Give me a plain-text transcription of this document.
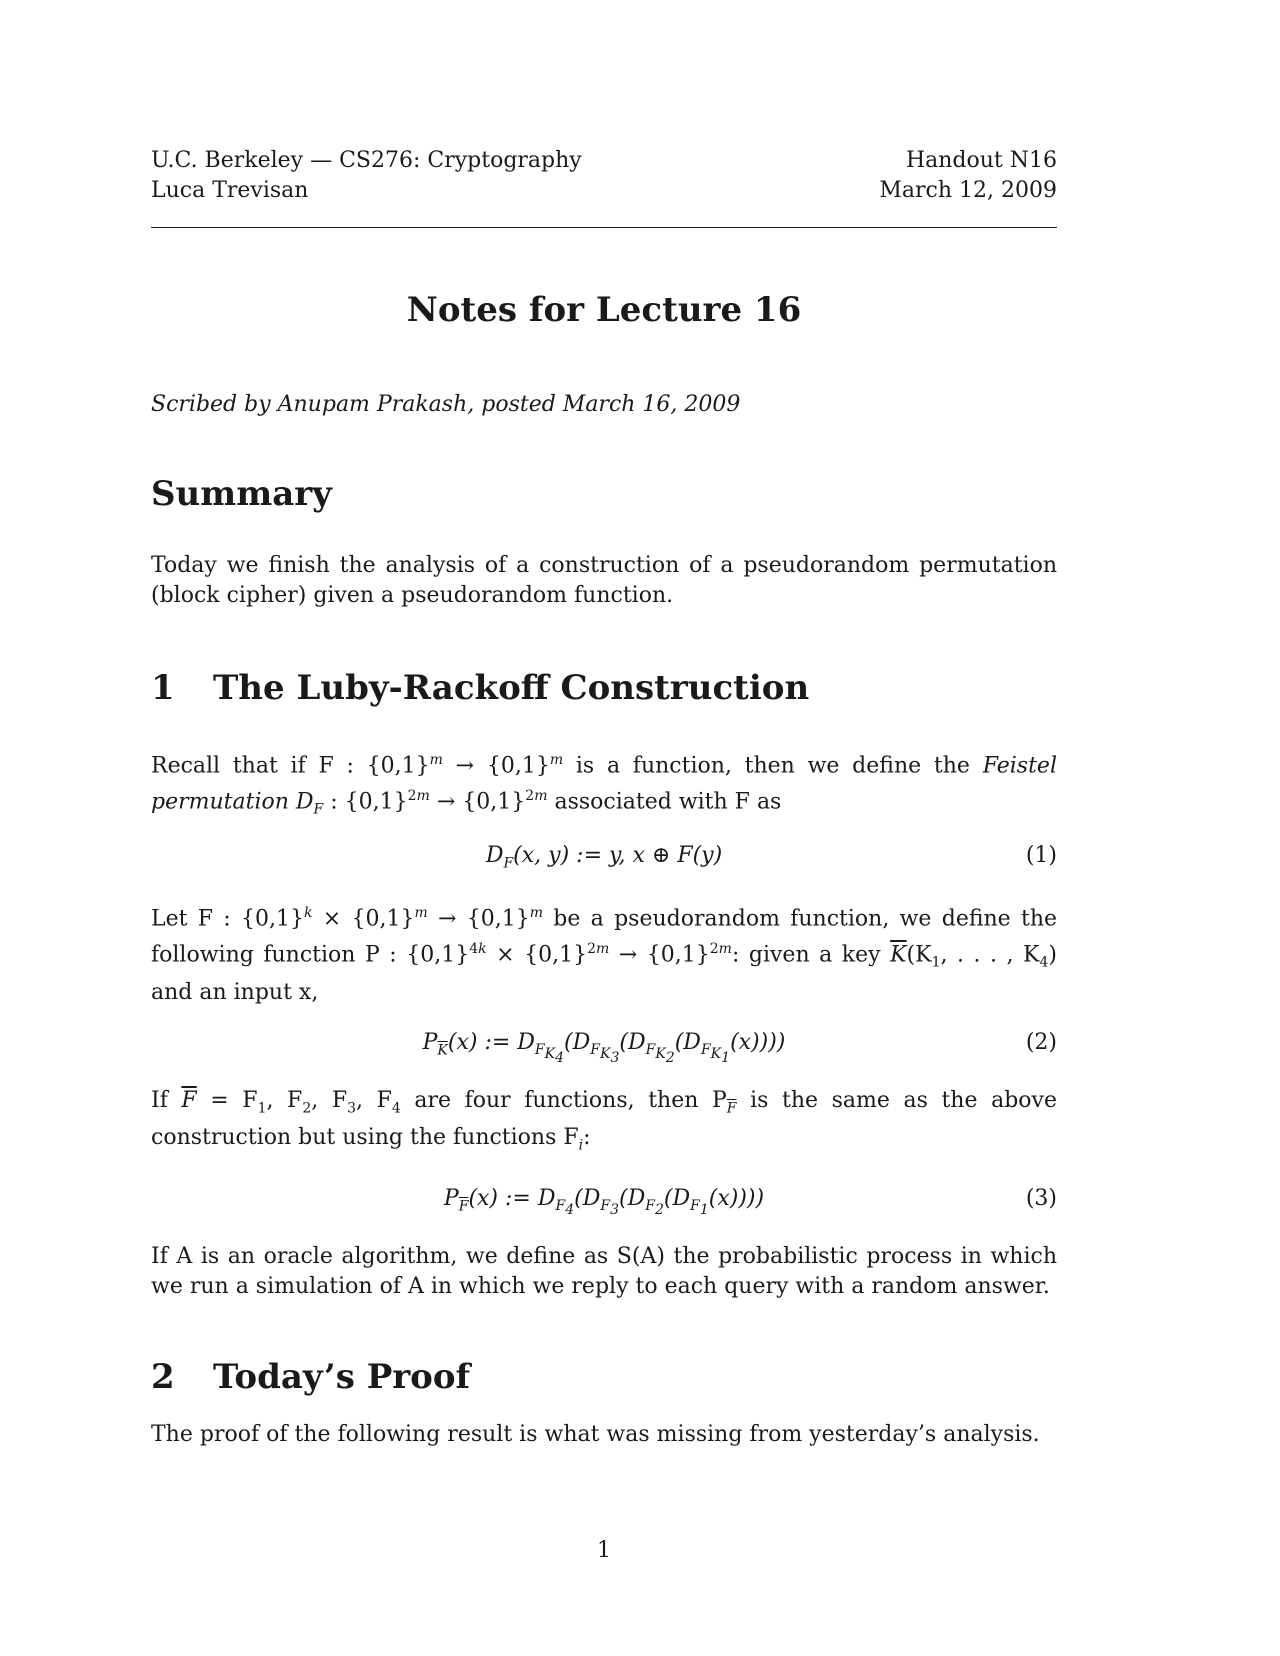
U.C. Berkeley — CS276: Cryptography
Luca Trevisan
Handout N16
March 12, 2009
Notes for Lecture 16
Scribed by Anupam Prakash, posted March 16, 2009
Summary
Today we finish the analysis of a construction of a pseudorandom permutation (block cipher) given a pseudorandom function.
1 The Luby-Rackoff Construction
Recall that if F : $\{0,1\}^m \to \{0,1\}^m$ is a function, then we define the Feistel permutation $D_F$ : $\{0,1\}^{2m} \to \{0,1\}^{2m}$ associated with F as
$D_F(x$, y) := y, x ⊕ F(y)	(1)
Let F : $\{0,1\}^k \times \{0,1\}^m \to \{0,1\}^m$ be a pseudorandom function, we define the following function P : $\{0,1\}^{4k} \times \{0,1\}^{2m} \to \{0,1\}^{2m}$: given a key $\overline{K}(K_1$, . . . , $K_4$) and an input x,
$P_{\overline{K}}(x)$ := $D_{F_{K_4}}(D_{F_{K_3}}(D_{F_{K_2}}(D_{F_{K_1}}(x))))$	(2)
If $\overline{F} = F_1$, $F_2$, $F_3$, $F_4$ are four functions, then $P_{\overline{F}}$ is the same as the above construction but using the functions $F_i$:
$P_{\overline{F}}(x)$ := $D_{F_4}(D_{F_3}(D_{F_2}(D_{F_1}(x))))$	(3)
If A is an oracle algorithm, we define as S(A) the probabilistic process in which we run a simulation of A in which we reply to each query with a random answer.
2 Today’s Proof
The proof of the following result is what was missing from yesterday’s analysis.
1
